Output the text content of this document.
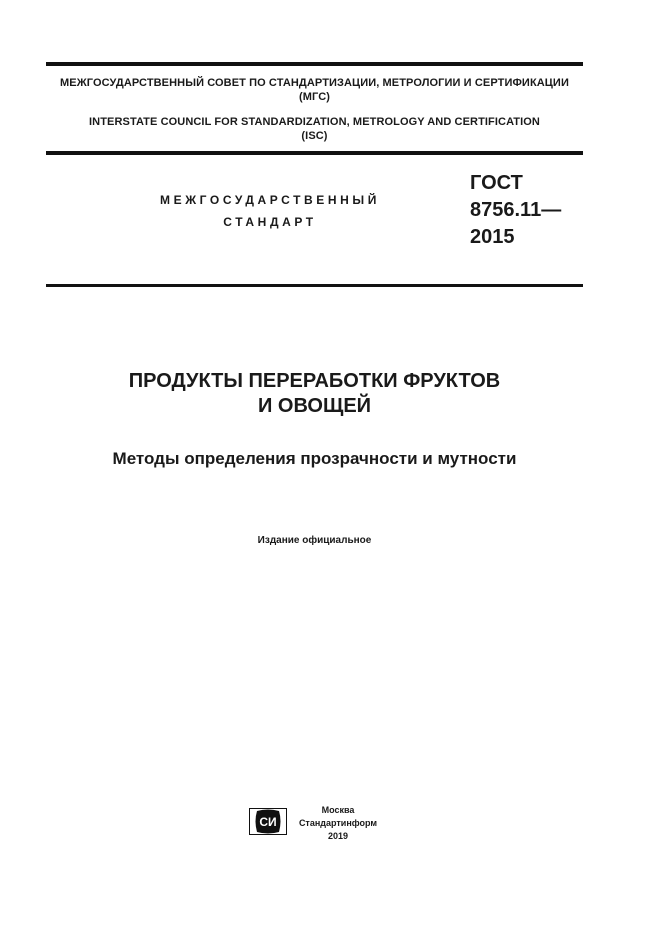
МЕЖГОСУДАРСТВЕННЫЙ СОВЕТ ПО СТАНДАРТИЗАЦИИ, МЕТРОЛОГИИ И СЕРТИФИКАЦИИ
(МГС)
INTERSTATE COUNCIL FOR STANDARDIZATION, METROLOGY AND CERTIFICATION
(ISC)
МЕЖГОСУДАРСТВЕННЫЙ
СТАНДАРТ
ГОСТ
8756.11—
2015
ПРОДУКТЫ ПЕРЕРАБОТКИ ФРУКТОВ
И ОВОЩЕЙ
Методы определения прозрачности и мутности
Издание официальное
СИ
Москва
Стандартинформ
2019
